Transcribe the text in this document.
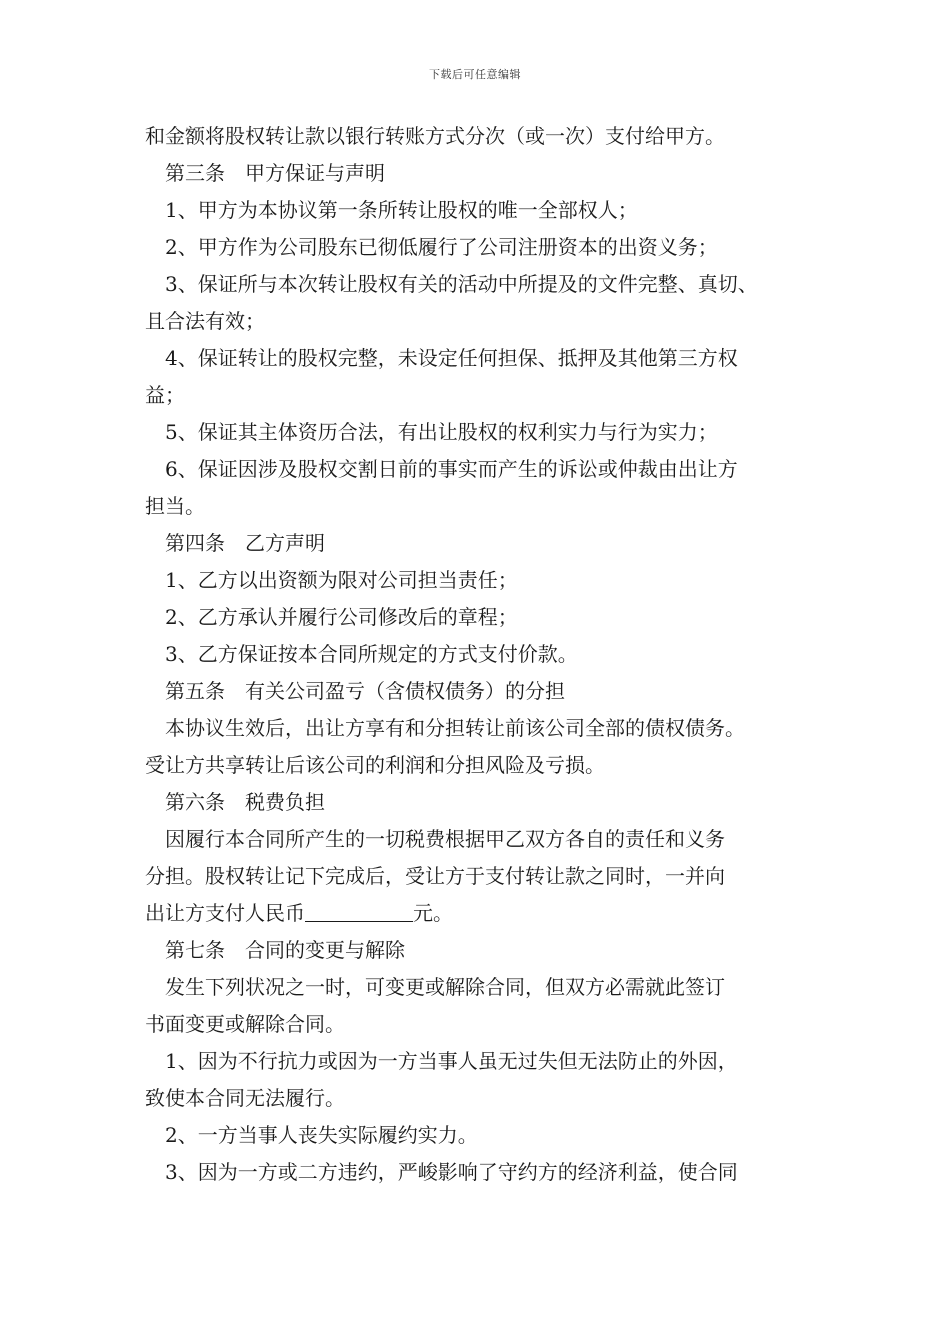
下载后可任意编辑
和金额将股权转让款以银行转账方式分次（或一次）支付给甲方。
第三条　甲方保证与声明
1、甲方为本协议第一条所转让股权的唯一全部权人；
2、甲方作为公司股东已彻低履行了公司注册资本的出资义务；
3、保证所与本次转让股权有关的活动中所提及的文件完整、真切、
且合法有效；
4、保证转让的股权完整，未设定任何担保、抵押及其他第三方权
益；
5、保证其主体资历合法，有出让股权的权利实力与行为实力；
6、保证因涉及股权交割日前的事实而产生的诉讼或仲裁由出让方
担当。
第四条　乙方声明
1、乙方以出资额为限对公司担当责任；
2、乙方承认并履行公司修改后的章程；
3、乙方保证按本合同所规定的方式支付价款。
第五条　有关公司盈亏（含债权债务）的分担
本协议生效后，出让方享有和分担转让前该公司全部的债权债务。
受让方共享转让后该公司的利润和分担风险及亏损。
第六条　税费负担
因履行本合同所产生的一切税费根据甲乙双方各自的责任和义务
分担。股权转让记下完成后，受让方于支付转让款之同时，一并向
出让方支付人民币	元。
第七条　合同的变更与解除
发生下列状况之一时，可变更或解除合同，但双方必需就此签订
书面变更或解除合同。
1、因为不行抗力或因为一方当事人虽无过失但无法防止的外因，
致使本合同无法履行。
2、一方当事人丧失实际履约实力。
3、因为一方或二方违约，严峻影响了守约方的经济利益，使合同
